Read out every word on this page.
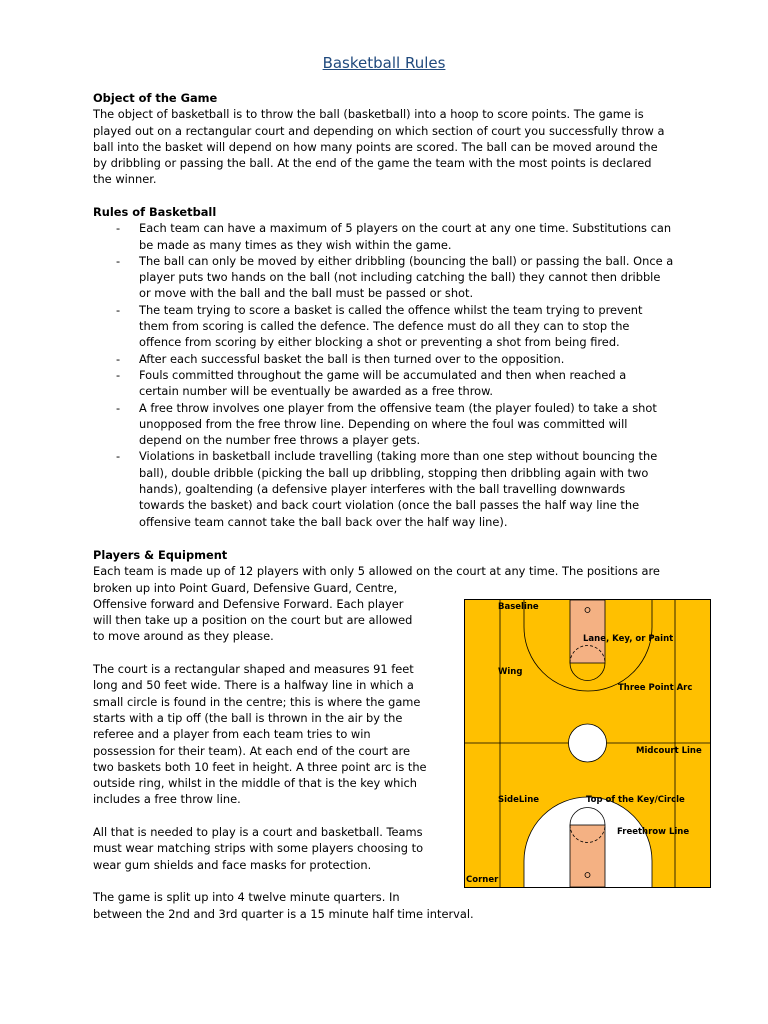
Basketball Rules
Object of the Game
The object of basketball is to throw the ball (basketball) into a hoop to score points. The game is
played out on a rectangular court and depending on which section of court you successfully throw a
ball into the basket will depend on how many points are scored. The ball can be moved around the
by dribbling or passing the ball. At the end of the game the team with the most points is declared
the winner.
Rules of Basketball
- Each team can have a maximum of 5 players on the court at any one time. Substitutions can
be made as many times as they wish within the game.
- The ball can only be moved by either dribbling (bouncing the ball) or passing the ball. Once a
player puts two hands on the ball (not including catching the ball) they cannot then dribble
or move with the ball and the ball must be passed or shot.
- The team trying to score a basket is called the offence whilst the team trying to prevent
them from scoring is called the defence. The defence must do all they can to stop the
offence from scoring by either blocking a shot or preventing a shot from being fired.
- After each successful basket the ball is then turned over to the opposition.
- Fouls committed throughout the game will be accumulated and then when reached a
certain number will be eventually be awarded as a free throw.
- A free throw involves one player from the offensive team (the player fouled) to take a shot
unopposed from the free throw line. Depending on where the foul was committed will
depend on the number free throws a player gets.
- Violations in basketball include travelling (taking more than one step without bouncing the
ball), double dribble (picking the ball up dribbling, stopping then dribbling again with two
hands), goaltending (a defensive player interferes with the ball travelling downwards
towards the basket) and back court violation (once the ball passes the half way line the
offensive team cannot take the ball back over the half way line).
Players & Equipment
Each team is made up of 12 players with only 5 allowed on the court at any time. The positions are
broken up into Point Guard, Defensive Guard, Centre,
Offensive forward and Defensive Forward. Each player
will then take up a position on the court but are allowed
to move around as they please.
The court is a rectangular shaped and measures 91 feet
long and 50 feet wide. There is a halfway line in which a
small circle is found in the centre; this is where the game
starts with a tip off (the ball is thrown in the air by the
referee and a player from each team tries to win
possession for their team). At each end of the court are
two baskets both 10 feet in height. A three point arc is the
outside ring, whilst in the middle of that is the key which
includes a free throw line.
All that is needed to play is a court and basketball. Teams
must wear matching strips with some players choosing to
wear gum shields and face masks for protection.
The game is split up into 4 twelve minute quarters. In
between the 2nd and 3rd quarter is a 15 minute half time interval.
Baseline
Lane, Key, or Paint
Wing
Three Point Arc
Midcourt Line
SideLine	Top of the Key/Circle
Freethrow Line
Corner
